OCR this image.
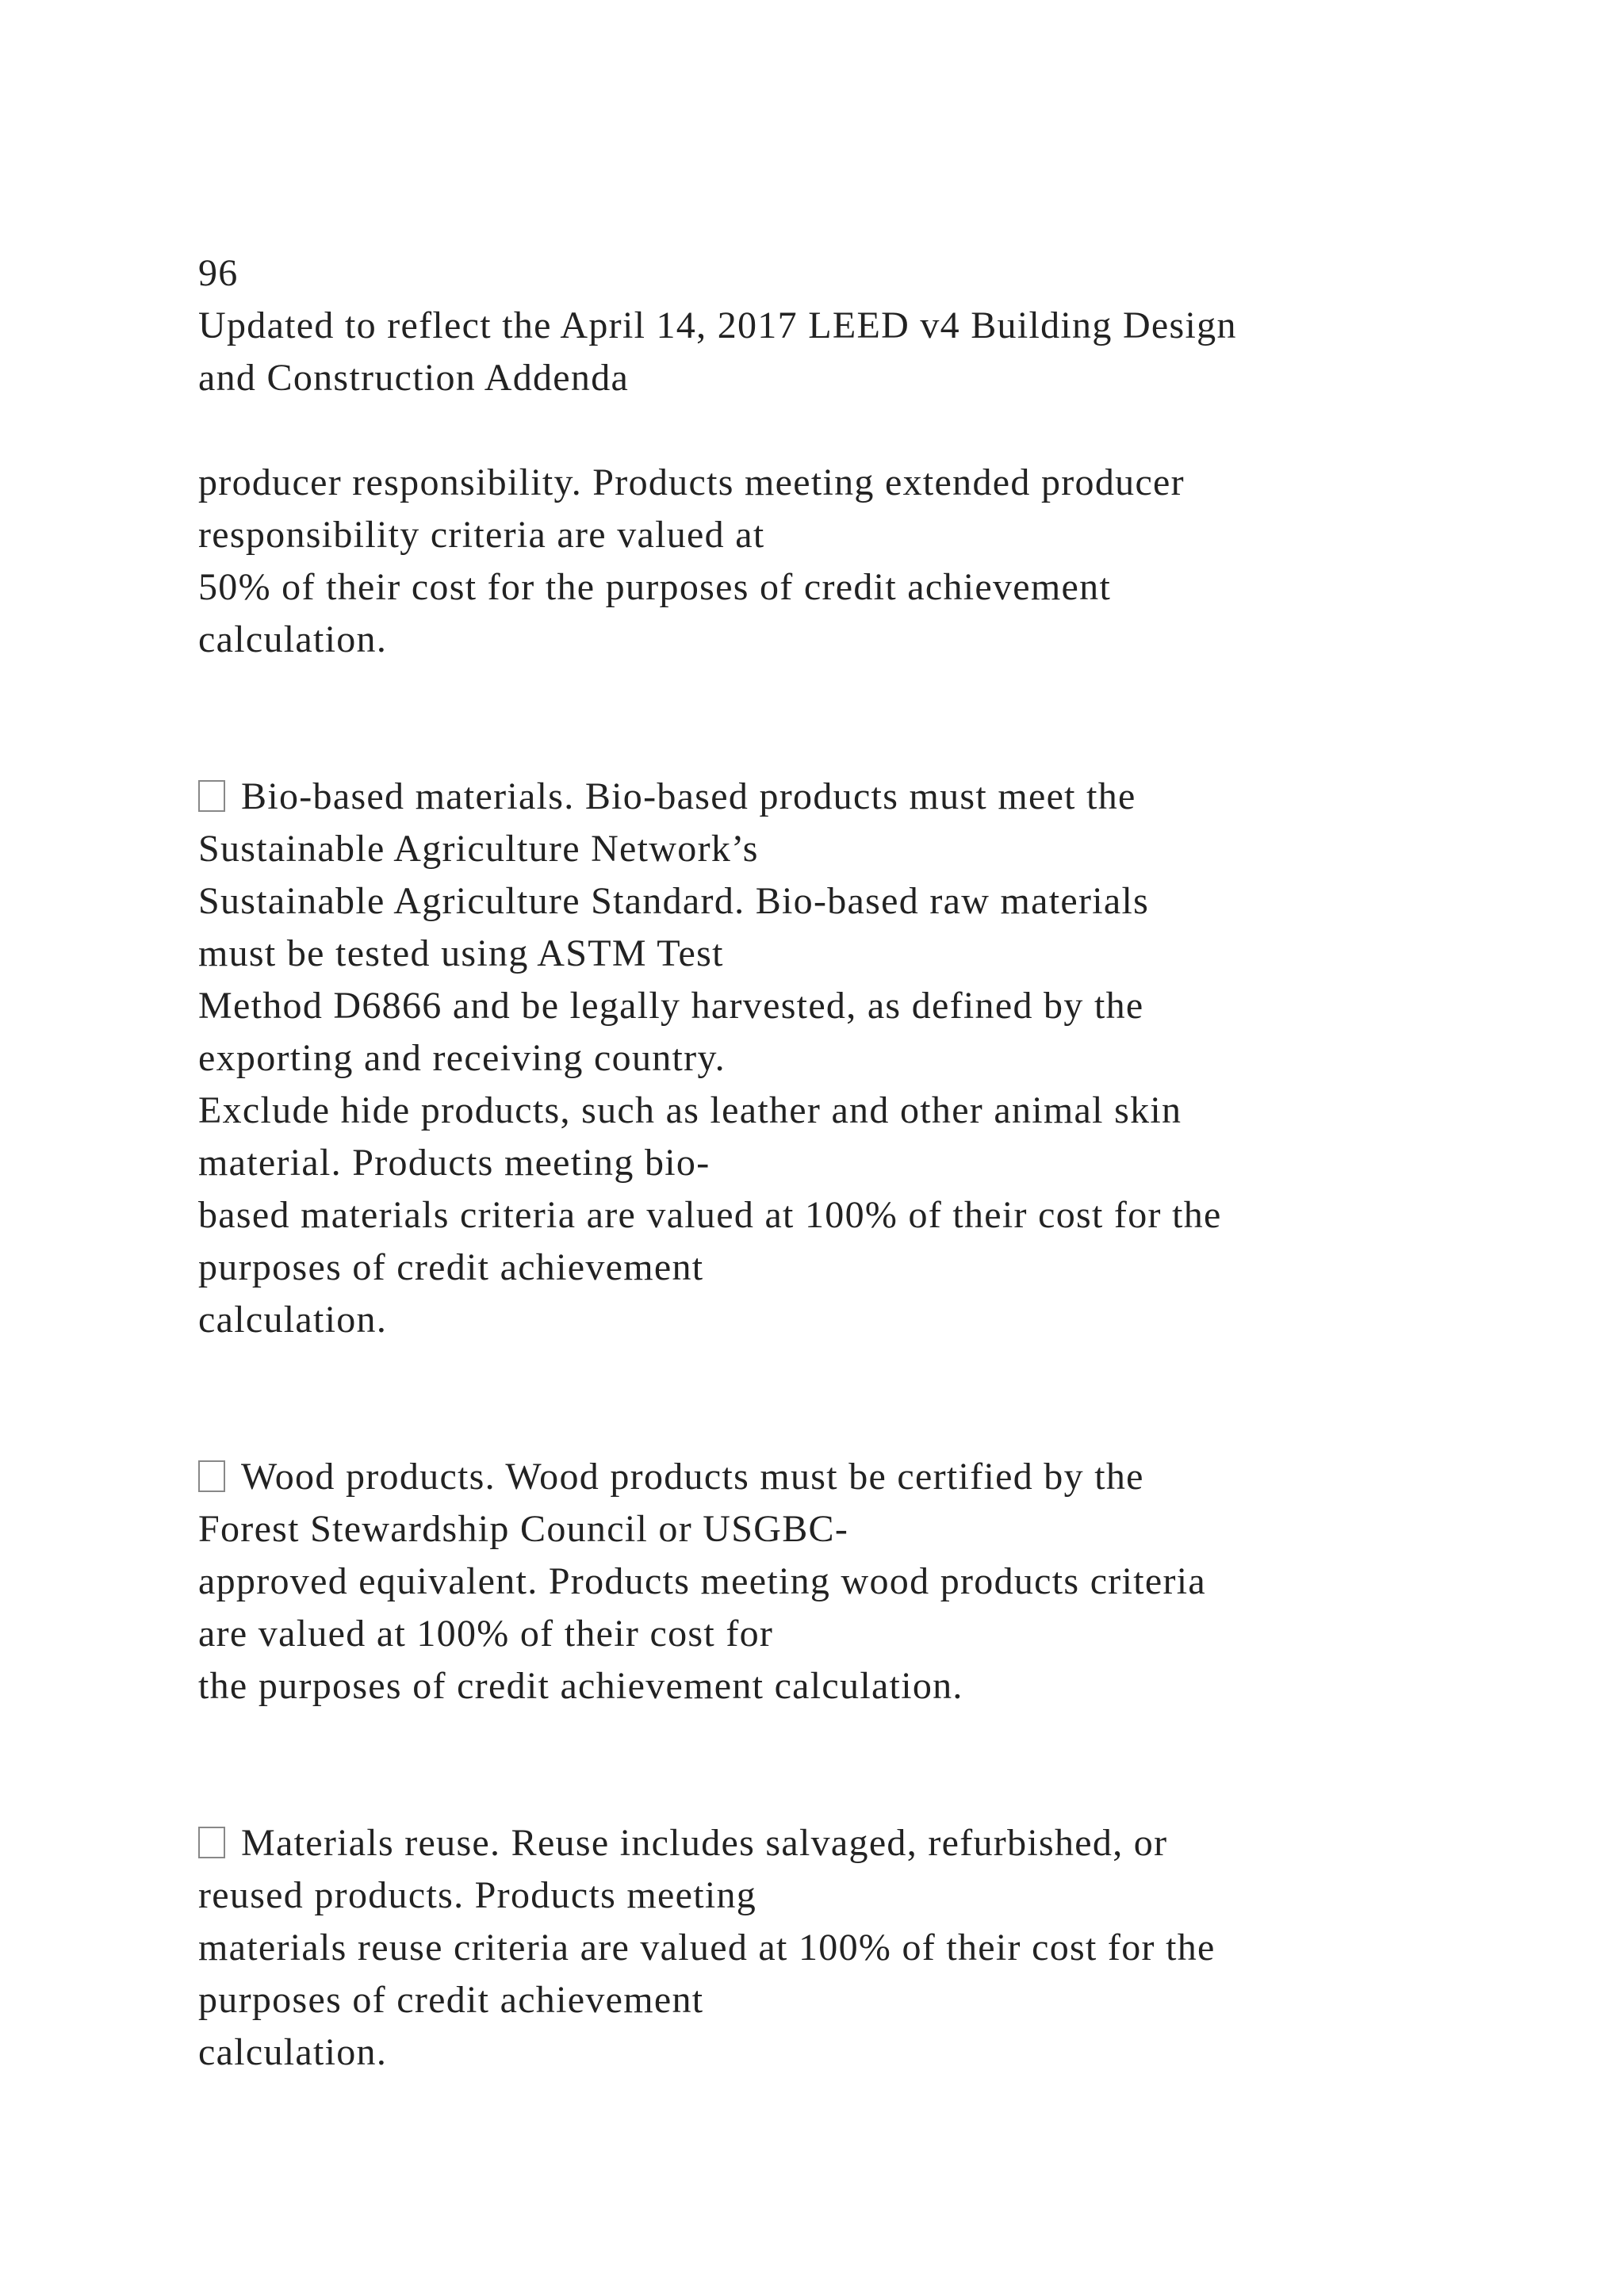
96
Updated to reflect the April 14, 2017 LEED v4 Building Design
and Construction Addenda
producer responsibility. Products meeting extended producer
responsibility criteria are valued at
50% of their cost for the purposes of credit achievement
calculation.
Bio-based materials. Bio-based products must meet the
Sustainable Agriculture Network’s
Sustainable Agriculture Standard. Bio-based raw materials
must be tested using ASTM Test
Method D6866 and be legally harvested, as defined by the
exporting and receiving country.
Exclude hide products, such as leather and other animal skin
material. Products meeting bio-
based materials criteria are valued at 100% of their cost for the
purposes of credit achievement
calculation.
Wood products. Wood products must be certified by the
Forest Stewardship Council or USGBC-
approved equivalent. Products meeting wood products criteria
are valued at 100% of their cost for
the purposes of credit achievement calculation.
Materials reuse. Reuse includes salvaged, refurbished, or
reused products. Products meeting
materials reuse criteria are valued at 100% of their cost for the
purposes of credit achievement
calculation.
